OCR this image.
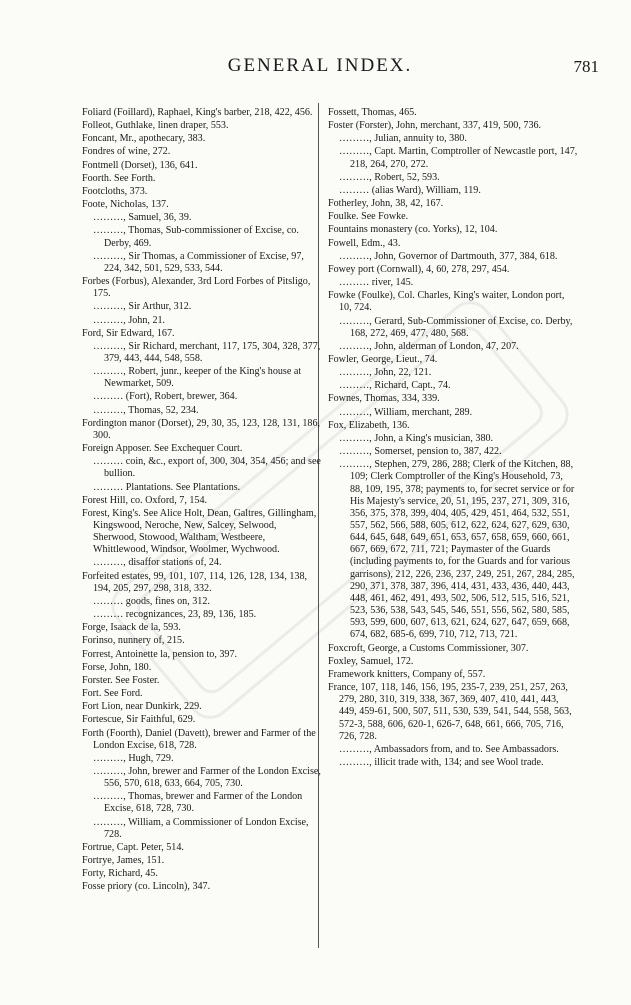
GENERAL INDEX.	781
Foliard (Foillard), Raphael, King's barber, 218, 422, 456.
Folleot, Guthlake, linen draper, 553.
Foncant, Mr., apothecary, 383.
Fondres of wine, 272.
Fontmell (Dorset), 136, 641.
Foorth. See Forth.
Footcloths, 373.
Foote, Nicholas, 137.
………, Samuel, 36, 39.
………, Thomas, Sub-commissioner of Excise, co. Derby, 469.
………, Sir Thomas, a Commissioner of Excise, 97, 224, 342, 501, 529, 533, 544.
Forbes (Forbus), Alexander, 3rd Lord Forbes of Pitsligo, 175.
………, Sir Arthur, 312.
………, John, 21.
Ford, Sir Edward, 167.
………, Sir Richard, merchant, 117, 175, 304, 328, 377, 379, 443, 444, 548, 558.
………, Robert, junr., keeper of the King's house at Newmarket, 509.
……… (Fort), Robert, brewer, 364.
………, Thomas, 52, 234.
Fordington manor (Dorset), 29, 30, 35, 123, 128, 131, 186, 300.
Foreign Apposer. See Exchequer Court.
……… coin, &c., export of, 300, 304, 354, 456; and see bullion.
……… Plantations. See Plantations.
Forest Hill, co. Oxford, 7, 154.
Forest, King's. See Alice Holt, Dean, Galtres, Gillingham, Kingswood, Neroche, New, Salcey, Selwood, Sherwood, Stowood, Waltham, Westbeere, Whittlewood, Windsor, Woolmer, Wychwood.
………, disaffor stations of, 24.
Forfeited estates, 99, 101, 107, 114, 126, 128, 134, 138, 194, 205, 297, 298, 318, 332.
……… goods, fines on, 312.
……… recognizances, 23, 89, 136, 185.
Forge, Isaack de la, 593.
Forinso, nunnery of, 215.
Forrest, Antoinette la, pension to, 397.
Forse, John, 180.
Forster. See Foster.
Fort. See Ford.
Fort Lion, near Dunkirk, 229.
Fortescue, Sir Faithful, 629.
Forth (Foorth), Daniel (Davett), brewer and Farmer of the London Excise, 618, 728.
………, Hugh, 729.
………, John, brewer and Farmer of the London Excise, 556, 570, 618, 633, 664, 705, 730.
………, Thomas, brewer and Farmer of the London Excise, 618, 728, 730.
………, William, a Commissioner of London Excise, 728.
Fortrue, Capt. Peter, 514.
Fortrye, James, 151.
Forty, Richard, 45.
Fosse priory (co. Lincoln), 347.
Fossett, Thomas, 465.
Foster (Forster), John, merchant, 337, 419, 500, 736.
………, Julian, annuity to, 380.
………, Capt. Martin, Comptroller of Newcastle port, 147, 218, 264, 270, 272.
………, Robert, 52, 593.
……… (alias Ward), William, 119.
Fotherley, John, 38, 42, 167.
Foulke. See Fowke.
Fountains monastery (co. Yorks), 12, 104.
Fowell, Edm., 43.
………, John, Governor of Dartmouth, 377, 384, 618.
Fowey port (Cornwall), 4, 60, 278, 297, 454.
……… river, 145.
Fowke (Foulke), Col. Charles, King's waiter, London port, 10, 724.
………, Gerard, Sub-Commissioner of Excise, co. Derby, 168, 272, 469, 477, 480, 568.
………, John, alderman of London, 47, 207.
Fowler, George, Lieut., 74.
………, John, 22, 121.
………, Richard, Capt., 74.
Fownes, Thomas, 334, 339.
………, William, merchant, 289.
Fox, Elizabeth, 136.
………, John, a King's musician, 380.
………, Somerset, pension to, 387, 422.
………, Stephen, 279, 286, 288; Clerk of the Kitchen, 88, 109; Clerk Comptroller of the King's Household, 73, 88, 109, 195, 378; payments to, for secret service or for His Majesty's service, 20, 51, 195, 237, 271, 309, 316, 356, 375, 378, 399, 404, 405, 429, 451, 464, 532, 551, 557, 562, 566, 588, 605, 612, 622, 624, 627, 629, 630, 644, 645, 648, 649, 651, 653, 657, 658, 659, 660, 661, 667, 669, 672, 711, 721; Paymaster of the Guards (including payments to, for the Guards and for various garrisons), 212, 226, 236, 237, 249, 251, 267, 284, 285, 290, 371, 378, 387, 396, 414, 431, 433, 436, 440, 443, 448, 461, 462, 491, 493, 502, 506, 512, 515, 516, 521, 523, 536, 538, 543, 545, 546, 551, 556, 562, 580, 585, 593, 599, 600, 607, 613, 621, 624, 627, 647, 659, 668, 674, 682, 685-6, 699, 710, 712, 713, 721.
Foxcroft, George, a Customs Commissioner, 307.
Foxley, Samuel, 172.
Framework knitters, Company of, 557.
France, 107, 118, 146, 156, 195, 235-7, 239, 251, 257, 263, 279, 280, 310, 319, 338, 367, 369, 407, 410, 441, 443, 449, 459-61, 500, 507, 511, 530, 539, 541, 544, 558, 563, 572-3, 588, 606, 620-1, 626-7, 648, 661, 666, 705, 716, 726, 728.
………, Ambassadors from, and to. See Ambassadors.
………, illicit trade with, 134; and see Wool trade.
